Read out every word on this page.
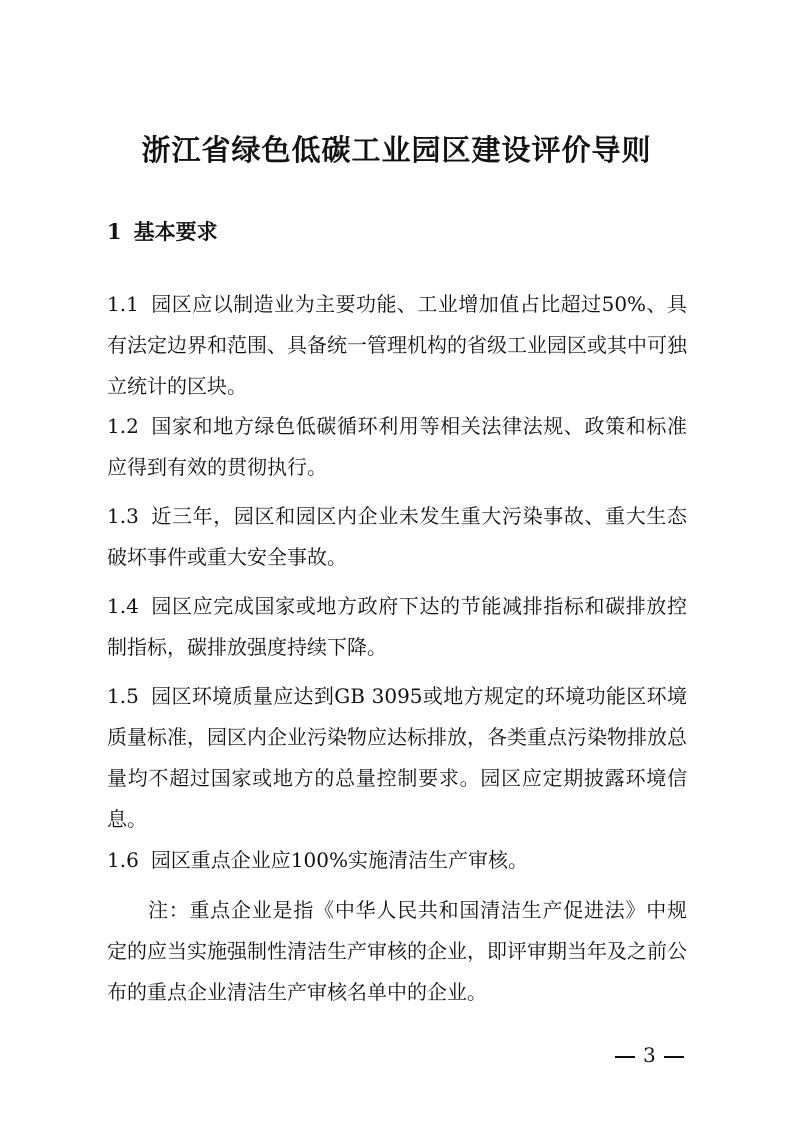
浙江省绿色低碳工业园区建设评价导则
1 基本要求

1.1 园区应以制造业为主要功能、工业增加值占比超过50%、具有法定边界和范围、具备统一管理机构的省级工业园区或其中可独立统计的区块。

1.2 国家和地方绿色低碳循环利用等相关法律法规、政策和标准应得到有效的贯彻执行。

1.3 近三年，园区和园区内企业未发生重大污染事故、重大生态破坏事件或重大安全事故。

1.4 园区应完成国家或地方政府下达的节能减排指标和碳排放控制指标，碳排放强度持续下降。

1.5 园区环境质量应达到GB 3095或地方规定的环境功能区环境质量标准，园区内企业污染物应达标排放，各类重点污染物排放总量均不超过国家或地方的总量控制要求。园区应定期披露环境信息。

1.6 园区重点企业应100%实施清洁生产审核。

注：重点企业是指《中华人民共和国清洁生产促进法》中规定的应当实施强制性清洁生产审核的企业，即评审期当年及之前公布的重点企业清洁生产审核名单中的企业。

3
